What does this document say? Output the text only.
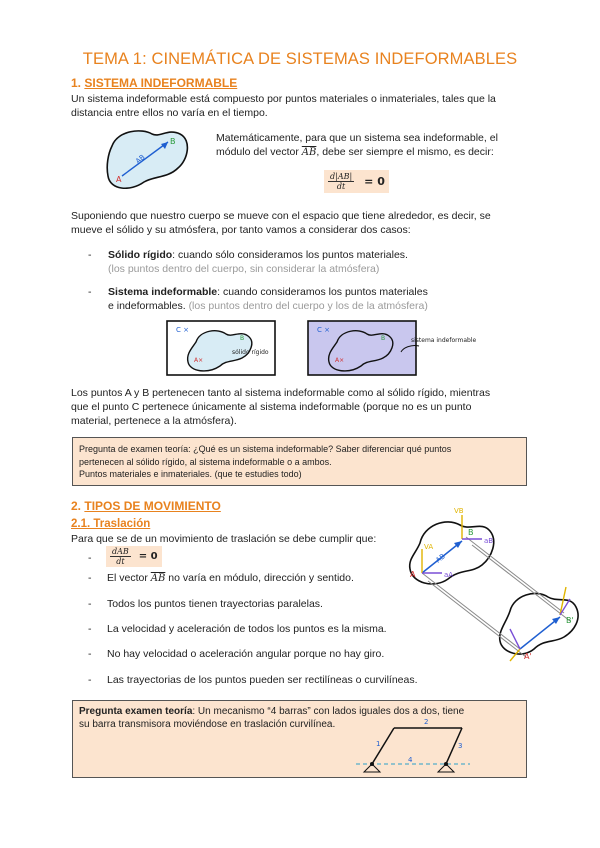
TEMA 1: CINEMÁTICA DE SISTEMAS INDEFORMABLES
1. SISTEMA INDEFORMABLE
Un sistema indeformable está compuesto por puntos materiales o inmateriales, tales que la
distancia entre ellos no varía en el tiempo.
A
B
AB
Matemáticamente, para que un sistema sea indeformable, el
módulo del vector $\overline{AB}$, debe ser siempre el mismo, es decir:
$\frac{d|AB|}{dt} = 0$
Suponiendo que nuestro cuerpo se mueve con el espacio que tiene alrededor, es decir, se
mueve el sólido y su atmósfera, por tanto vamos a considerar dos casos:
- Sólido rígido: cuando sólo consideramos los puntos materiales.
(los puntos dentro del cuerpo, sin considerar la atmósfera)
- Sistema indeformable: cuando consideramos los puntos materiales
e indeformables. (los puntos dentro del cuerpo y los de la atmósfera)
C ×
A×
B
sólido rígido
C ×
A×
B	sistema indeformable
Los puntos A y B pertenecen tanto al sistema indeformable como al sólido rígido, mientras
que el punto C pertenece únicamente al sistema indeformable (porque no es un punto
material, pertenece a la atmósfera).
Pregunta de examen teoría: ¿Qué es un sistema indeformable? Saber diferenciar qué puntos
pertenecen al sólido rígido, al sistema indeformable o a ambos.
Puntos materiales e inmateriales. (que te estudies todo)
2. TIPOS DE MOVIMIENTO
2.1. Traslación
Para que se de un movimiento de traslación se debe cumplir que:
- $\frac{\text{dAB}}{dt} = 0$
- El vector $\overline{AB}$ no varía en módulo, dirección y sentido.
- Todos los puntos tienen trayectorias paralelas.
- La velocidad y aceleración de todos los puntos es la misma.
- No hay velocidad o aceleración angular porque no hay giro.
- Las trayectorias de los puntos pueden ser rectilíneas o curvilíneas.
AB
A
B
A'
B'
VB
VA
aB
aA
Pregunta examen teoría: Un mecanismo “4 barras” con lados iguales dos a dos, tiene
su barra transmisora moviéndose en traslación curvilínea.	2
4
1	3
